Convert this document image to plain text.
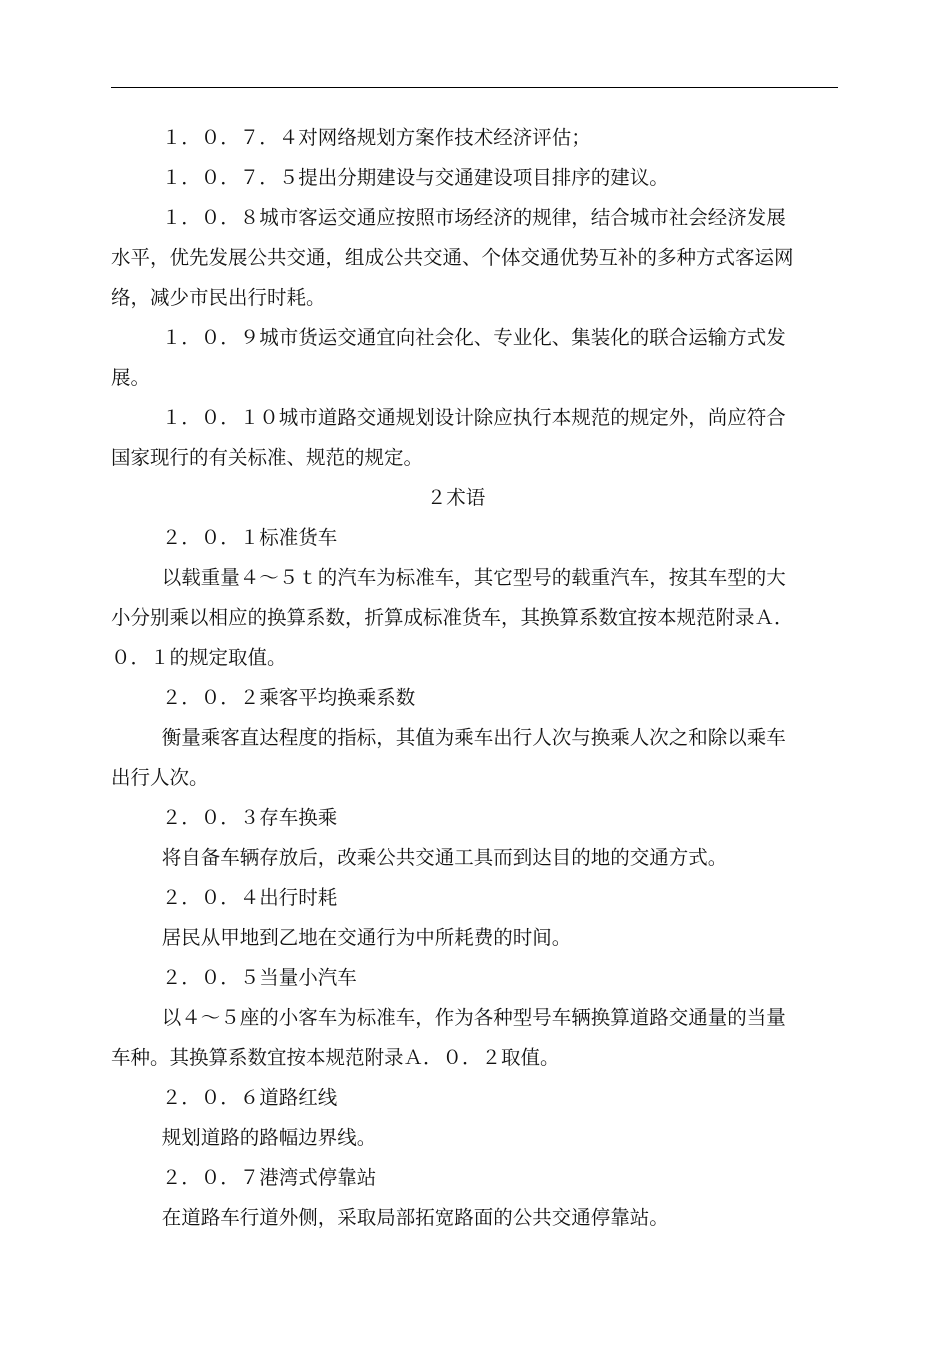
１．０．７．４对网络规划方案作技术经济评估；

１．０．７．５提出分期建设与交通建设项目排序的建议。

１．０．８城市客运交通应按照市场经济的规律，结合城市社会经济发展水平，优先发展公共交通，组成公共交通、个体交通优势互补的多种方式客运网络，减少市民出行时耗。

１．０．９城市货运交通宜向社会化、专业化、集装化的联合运输方式发展。

１．０．１０城市道路交通规划设计除应执行本规范的规定外，尚应符合国家现行的有关标准、规范的规定。

２术语

２．０．１标准货车

以载重量４～５ｔ的汽车为标准车，其它型号的载重汽车，按其车型的大小分别乘以相应的换算系数，折算成标准货车，其换算系数宜按本规范附录Ａ．０．１的规定取值。

２．０．２乘客平均换乘系数

衡量乘客直达程度的指标，其值为乘车出行人次与换乘人次之和除以乘车出行人次。

２．０．３存车换乘

将自备车辆存放后，改乘公共交通工具而到达目的地的交通方式。

２．０．４出行时耗

居民从甲地到乙地在交通行为中所耗费的时间。

２．０．５当量小汽车

以４～５座的小客车为标准车，作为各种型号车辆换算道路交通量的当量车种。其换算系数宜按本规范附录Ａ．０．２取值。

２．０．６道路红线

规划道路的路幅边界线。

２．０．７港湾式停靠站

在道路车行道外侧，采取局部拓宽路面的公共交通停靠站。
